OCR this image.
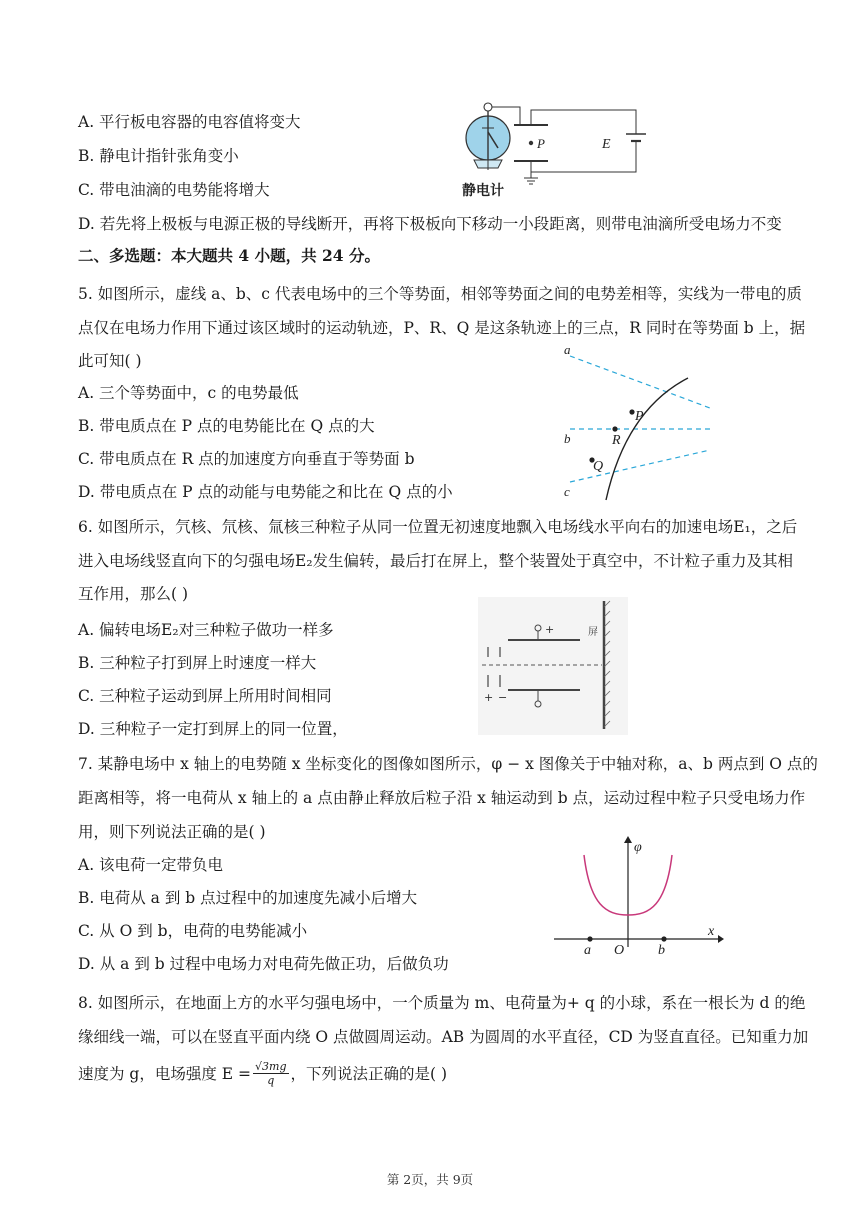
A. 平行板电容器的电容值将变大
B. 静电计指针张角变小
C. 带电油滴的电势能将增大
D. 若先将上极板与电源正极的导线断开，再将下极板向下移动一小段距离，则带电油滴所受电场力不变
P	E
静电计
二、多选题：本大题共 4 小题，共 24 分。
5. 如图所示，虚线 a、b、c 代表电场中的三个等势面，相邻等势面之间的电势差相等，实线为一带电的质
点仅在电场力作用下通过该区域时的运动轨迹，P、R、Q 是这条轨迹上的三点，R 同时在等势面 b 上，据
此可知( )
A. 三个等势面中，c 的电势最低
B. 带电质点在 P 点的电势能比在 Q 点的大
C. 带电质点在 R 点的加速度方向垂直于等势面 b
D. 带电质点在 P 点的动能与电势能之和比在 Q 点的小
a
b
c
P
R
Q
6. 如图所示，氕核、氘核、氚核三种粒子从同一位置无初速度地飘入电场线水平向右的加速电场E₁，之后
进入电场线竖直向下的匀强电场E₂发生偏转，最后打在屏上，整个装置处于真空中，不计粒子重力及其相
互作用，那么( )
A. 偏转电场E₂对三种粒子做功一样多
B. 三种粒子打到屏上时速度一样大
C. 三种粒子运动到屏上所用时间相同
D. 三种粒子一定打到屏上的同一位置，
屏
+ −
+
7. 某静电场中 x 轴上的电势随 x 坐标变化的图像如图所示，φ − x 图像关于中轴对称，a、b 两点到 O 点的
距离相等，将一电荷从 x 轴上的 a 点由静止释放后粒子沿 x 轴运动到 b 点，运动过程中粒子只受电场力作
用，则下列说法正确的是( )
A. 该电荷一定带负电
B. 电荷从 a 到 b 点过程中的加速度先减小后增大
C. 从 O 到 b，电荷的电势能减小
D. 从 a 到 b 过程中电场力对电荷先做正功，后做负功
φ
x
a O b
8. 如图所示，在地面上方的水平匀强电场中，一个质量为 m、电荷量为+ q 的小球，系在一根长为 d 的绝
缘细线一端，可以在竖直平面内绕 O 点做圆周运动。AB 为圆周的水平直径，CD 为竖直直径。已知重力加
速度为 g，电场强度 $E = \frac{√3mg}{q}$ ，下列说法正确的是( )
第 2页，共 9页
